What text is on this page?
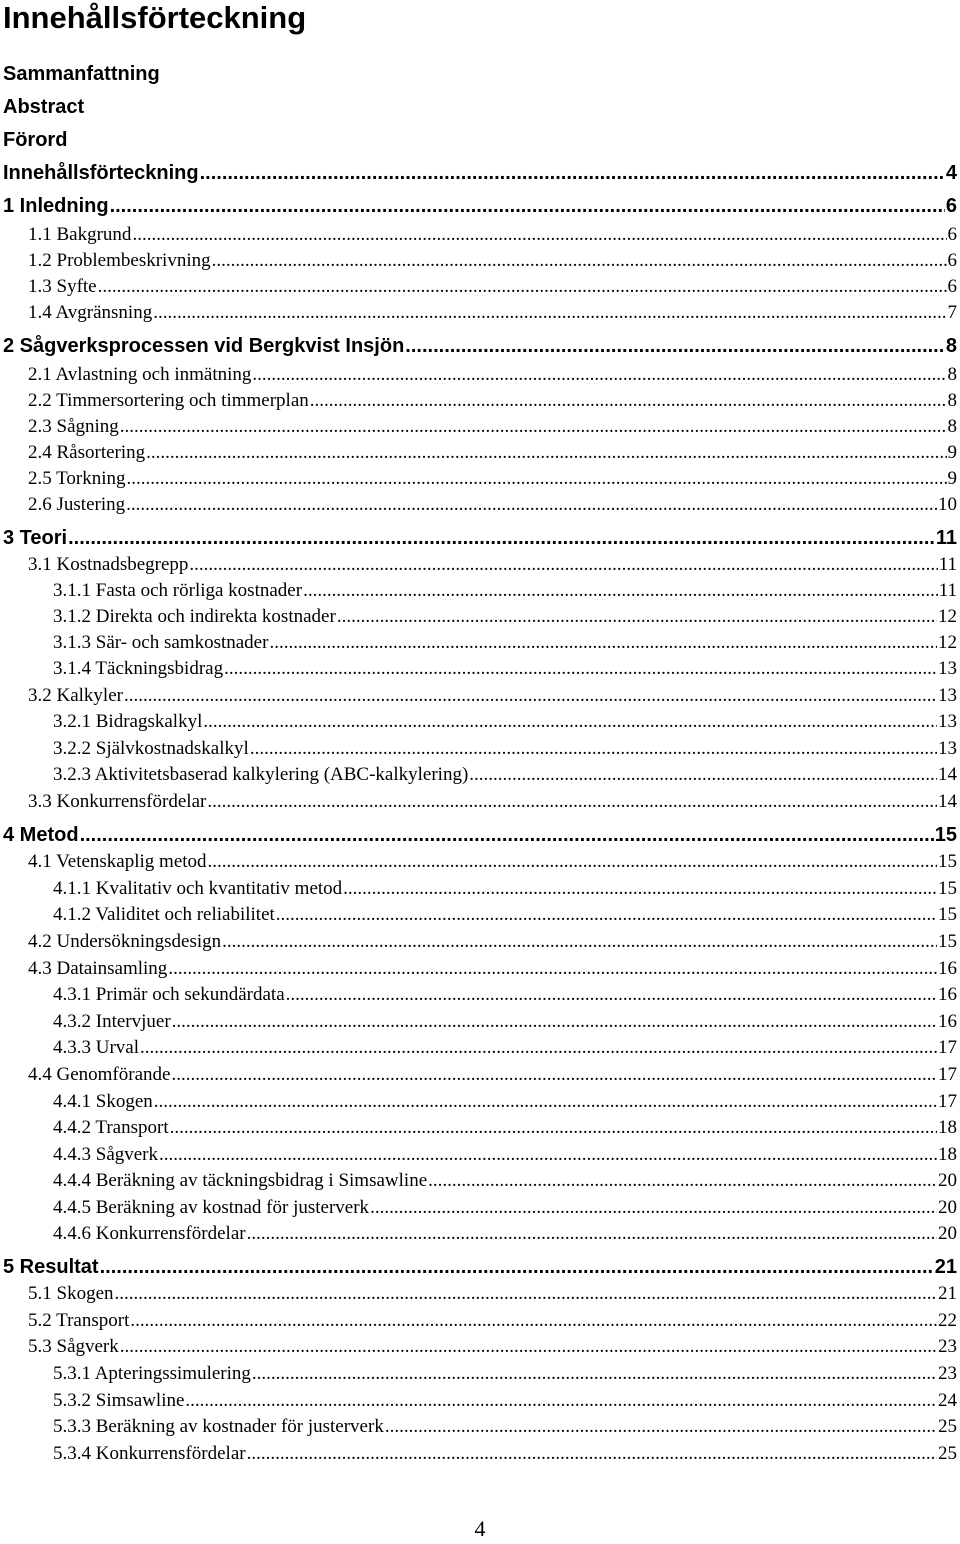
Innehållsförteckning
Sammanfattning
Abstract
Förord
Innehållsförteckning .....	4
1 Inledning .....	6
1.1 Bakgrund .....	6
1.2 Problembeskrivning .....	6
1.3 Syfte .....	6
1.4 Avgränsning .....	7
2 Sågverksprocessen vid Bergkvist Insjön .....	8
2.1 Avlastning och inmätning .....	8
2.2 Timmersortering och timmerplan .....	8
2.3 Sågning .....	8
2.4 Råsortering .....	9
2.5 Torkning .....	9
2.6 Justering .....	10
3 Teori .....	11
3.1 Kostnadsbegrepp .....	11
3.1.1 Fasta och rörliga kostnader .....	11
3.1.2 Direkta och indirekta kostnader .....	12
3.1.3 Sär- och samkostnader .....	12
3.1.4 Täckningsbidrag .....	13
3.2 Kalkyler .....	13
3.2.1 Bidragskalkyl .....	13
3.2.2 Självkostnadskalkyl .....	13
3.2.3 Aktivitetsbaserad kalkylering (ABC-kalkylering) .....	14
3.3 Konkurrensfördelar .....	14
4 Metod .....	15
4.1 Vetenskaplig metod .....	15
4.1.1 Kvalitativ och kvantitativ metod .....	15
4.1.2 Validitet och reliabilitet .....	15
4.2 Undersökningsdesign .....	15
4.3 Datainsamling .....	16
4.3.1 Primär och sekundärdata .....	16
4.3.2 Intervjuer .....	16
4.3.3 Urval .....	17
4.4 Genomförande .....	17
4.4.1 Skogen .....	17
4.4.2 Transport .....	18
4.4.3 Sågverk .....	18
4.4.4 Beräkning av täckningsbidrag i Simsawline .....	20
4.4.5 Beräkning av kostnad för justerverk .....	20
4.4.6 Konkurrensfördelar .....	20
5 Resultat .....	21
5.1 Skogen .....	21
5.2 Transport .....	22
5.3 Sågverk .....	23
5.3.1 Apteringssimulering .....	23
5.3.2 Simsawline .....	24
5.3.3 Beräkning av kostnader för justerverk .....	25
5.3.4 Konkurrensfördelar .....	25
4
